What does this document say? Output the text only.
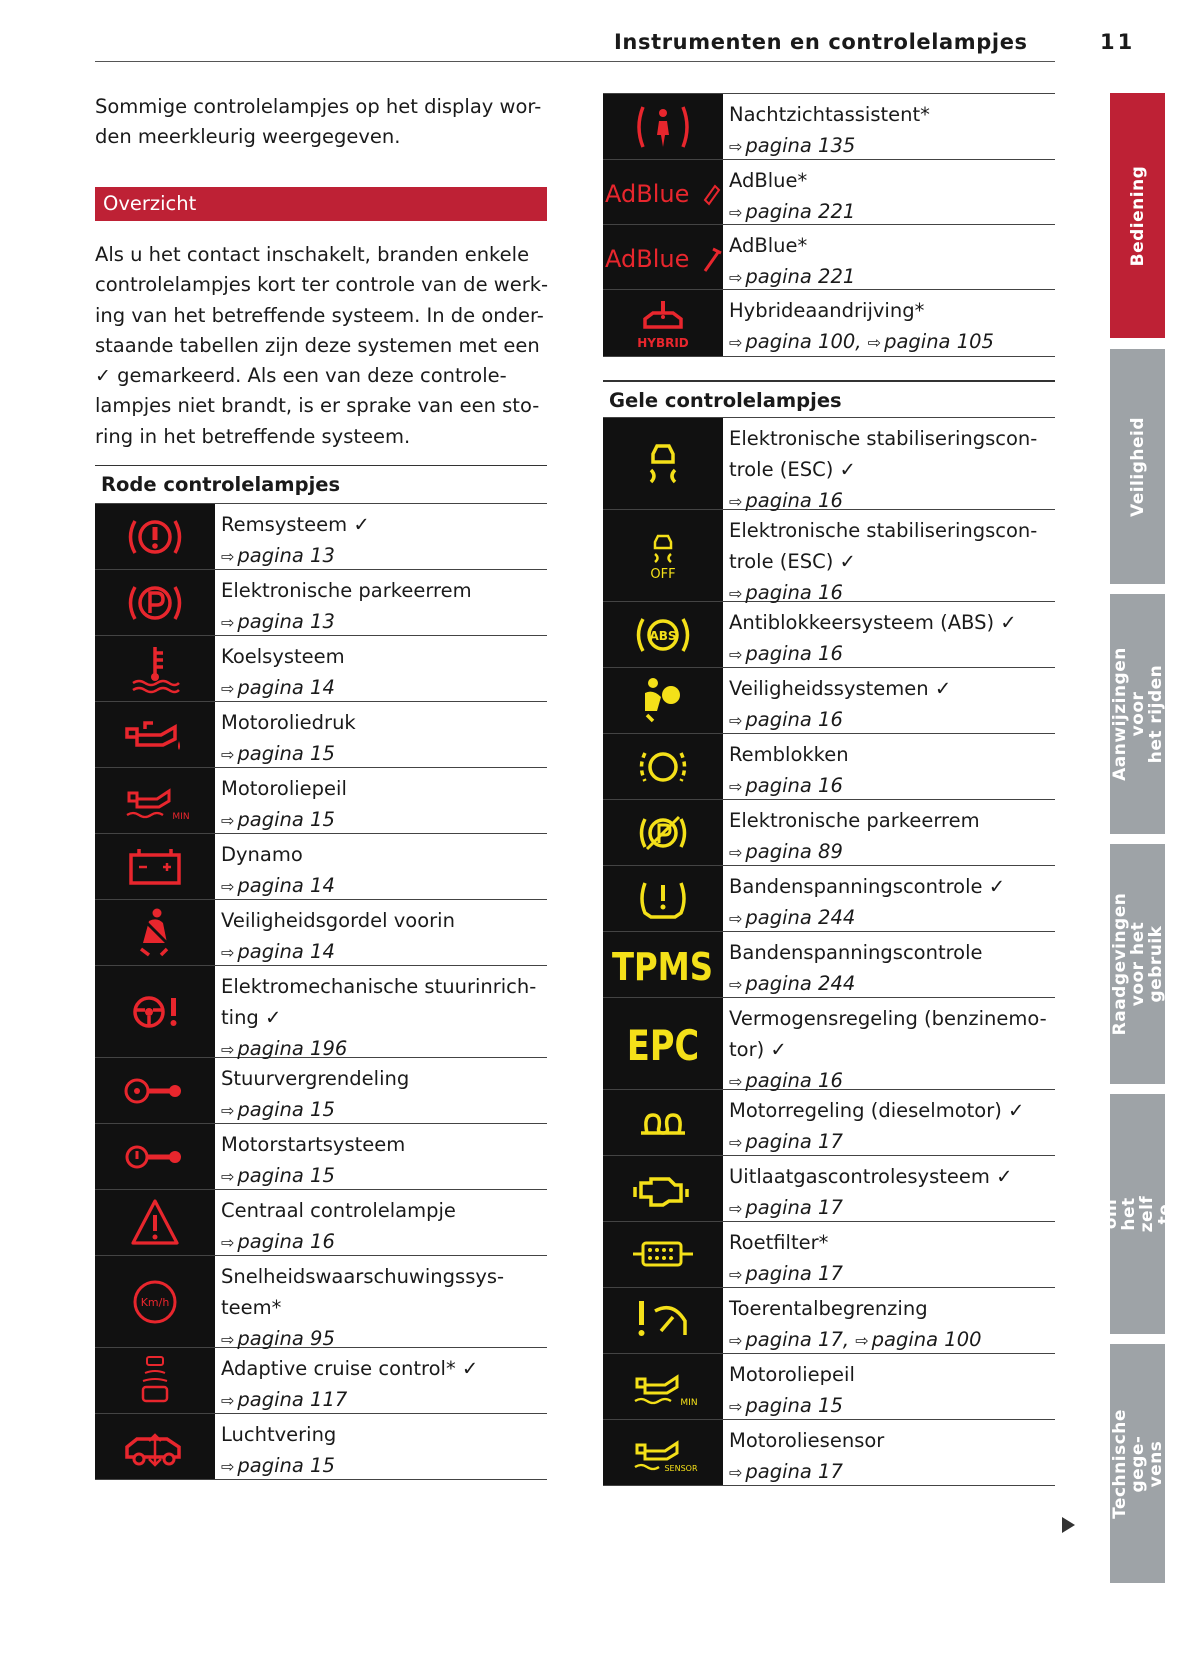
Instrumenten en controlelampjes	11

Sommige controlelampjes op het display wor-
den meerkleurig weergegeven.

Overzicht

Als u het contact inschakelt, branden enkele controlelampjes kort ter controle van de werk- ing van het betreffende systeem. In de onder- staande tabellen zijn deze systemen met een
✓ gemarkeerd. Als een van deze controle- lampjes niet brandt, is er sprake van een sto- ring in het betreffende systeem.

Rode controlelampjes
Remsysteem ✓
⇨ pagina 13
Elektronische parkeerrem
⇨ pagina 13
Koelsysteem
⇨ pagina 14
Motoroliedruk
⇨ pagina 15
MIN
Motoroliepeil
⇨ pagina 15
Dynamo
⇨ pagina 14
Veiligheidsgordel voorin
⇨ pagina 14
Elektromechanische stuurinrich-
ting ✓
⇨ pagina 196
Stuurvergrendeling
⇨ pagina 15
Motorstartsysteem
⇨ pagina 15
Centraal controlelampje
⇨ pagina 16
Km/h
Snelheidswaarschuwingssys-
teem*
⇨ pagina 95
Adaptive cruise control* ✓
⇨ pagina 117
Luchtvering
⇨ pagina 15
Nachtzichtassistent*
⇨ pagina 135
AdBlue AdBlue*
⇨ pagina 221
AdBlue AdBlue*
⇨ pagina 221
HYBRID
Hybrideaandrijving*
⇨ pagina 100, ⇨ pagina 105
Gele controlelampjes
Elektronische stabiliseringscon-
trole (ESC) ✓
⇨ pagina 16
OFF
Elektronische stabiliseringscon-
trole (ESC) ✓
⇨ pagina 16
ABS
Antiblokkeersysteem (ABS) ✓
⇨ pagina 16
Veiligheidssystemen ✓
⇨ pagina 16
Remblokken
⇨ pagina 16
Elektronische parkeerrem
⇨ pagina 89
Bandenspanningscontrole ✓
⇨ pagina 244
TPMS Bandenspanningscontrole
⇨ pagina 244
EPC
Vermogensregeling (benzinemo-
tor) ✓
⇨ pagina 16
Motorregeling (dieselmotor) ✓
⇨ pagina 17
Uitlaatgascontrolesysteem ✓
⇨ pagina 17
Roetfilter*
⇨ pagina 17
Toerentalbegrenzing
⇨ pagina 17, ⇨ pagina 100
MIN
Motoroliepeil
⇨ pagina 15
SENSOR
Motoroliesensor
⇨ pagina 17
Bediening
Veiligheid
Aanwijzingen voor
het rijden
Raadgevingen
voor het gebruik
Tips om het zelf te
doen
Technische gege-
vens
